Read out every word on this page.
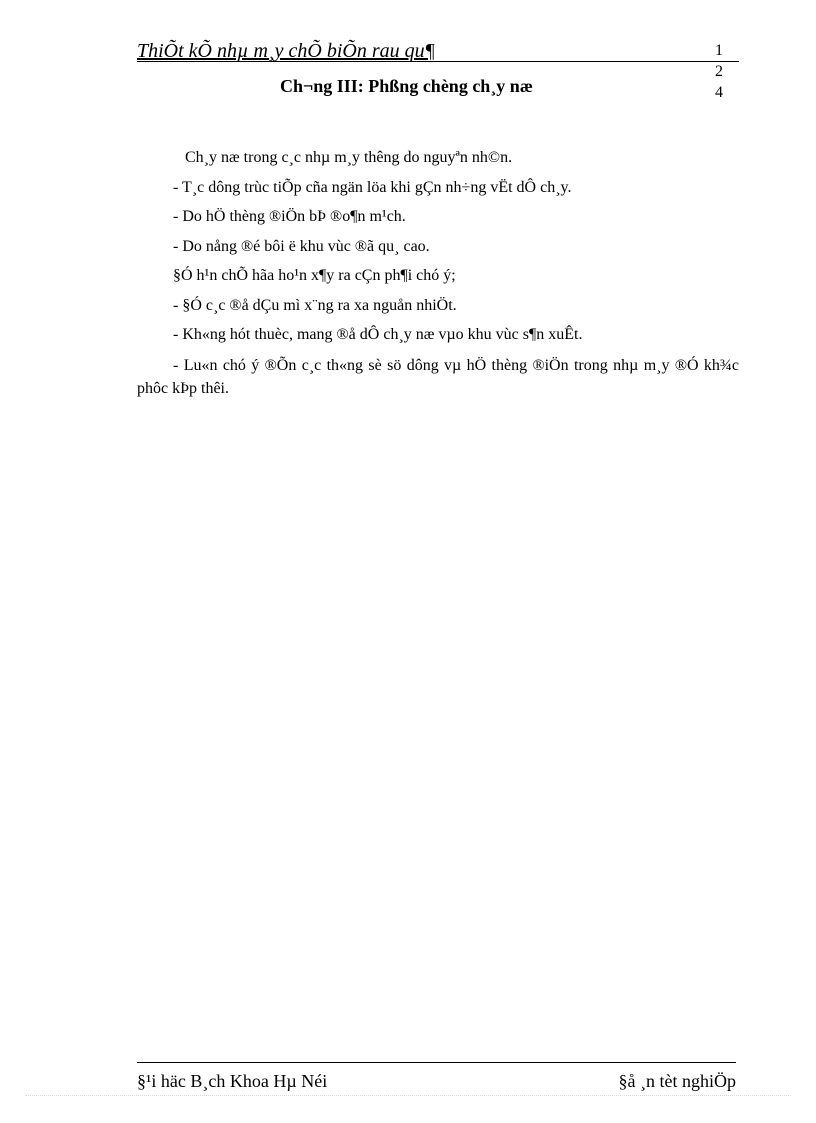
ThiÕt kÕ nhµ m¸y chÕ biÕn rau qu¶	1
2
4
Ch¬ng III: Phßng chèng ch¸y næ

Ch¸y næ trong c¸c nhµ m¸y thêng do nguyªn nh©n.

- T¸c dông trùc tiÕp cña ngän löa khi gÇn nh÷ng vËt dÔ ch¸y.

- Do hÖ thèng ®iÖn bÞ ®o¶n m¹ch.

- Do nång ®é bôi ë khu vùc ®ã qu¸ cao.

§Ó h¹n chÕ hãa ho¹n x¶y ra cÇn ph¶i chó ý;

- §Ó c¸c ®å dÇu mì x¨ng ra xa nguån nhiÖt.

- Kh«ng hót thuèc, mang ®å dÔ ch¸y næ vµo khu vùc s¶n xuÊt.

- Lu«n chó ý ®Õn c¸c th«ng sè sö dông vµ hÖ thèng ®iÖn trong nhµ m¸y ®Ó kh¾c phôc kÞp thêi.

§¹i häc B¸ch Khoa Hµ Néi	§å ¸n tèt nghiÖp
